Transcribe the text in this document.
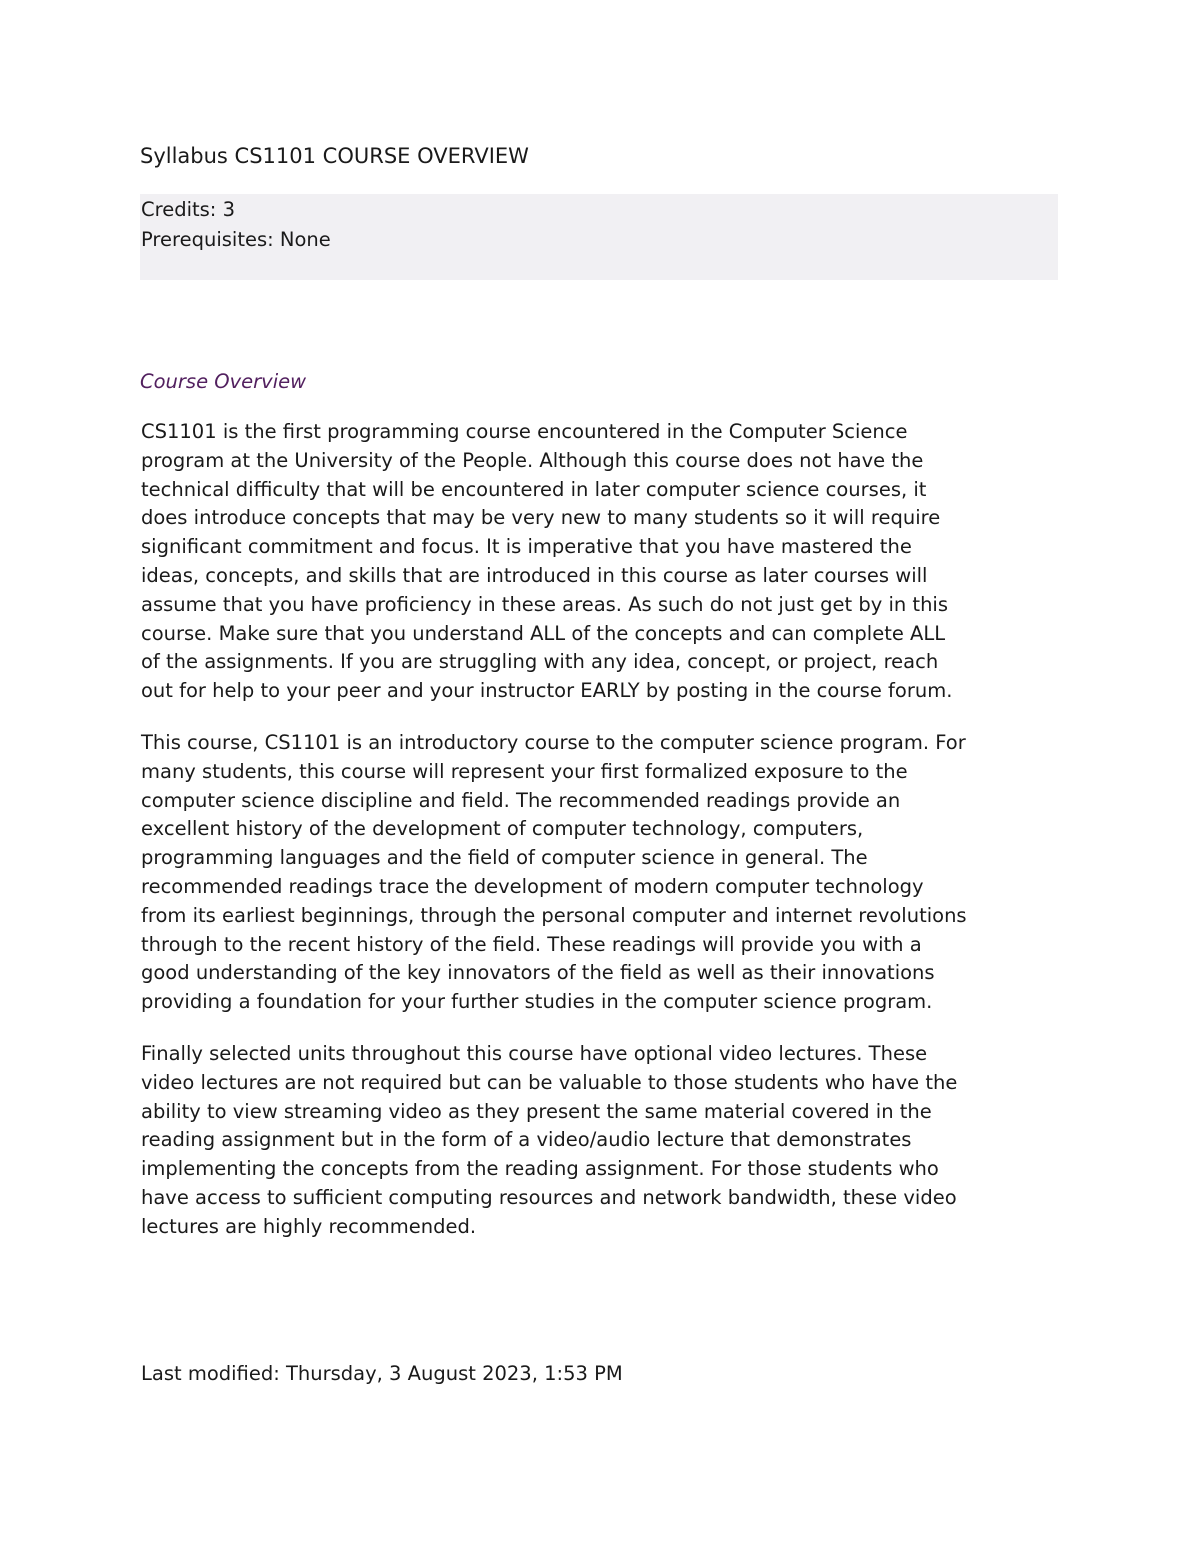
Syllabus CS1101 COURSE OVERVIEW
Credits: 3
Prerequisites: None
Course Overview

CS1101 is the first programming course encountered in the Computer Science
program at the University of the People. Although this course does not have the
technical difficulty that will be encountered in later computer science courses, it
does introduce concepts that may be very new to many students so it will require
significant commitment and focus. It is imperative that you have mastered the
ideas, concepts, and skills that are introduced in this course as later courses will
assume that you have proficiency in these areas. As such do not just get by in this
course. Make sure that you understand ALL of the concepts and can complete ALL
of the assignments. If you are struggling with any idea, concept, or project, reach
out for help to your peer and your instructor EARLY by posting in the course forum.

This course, CS1101 is an introductory course to the computer science program. For
many students, this course will represent your first formalized exposure to the
computer science discipline and field. The recommended readings provide an
excellent history of the development of computer technology, computers,
programming languages and the field of computer science in general. The
recommended readings trace the development of modern computer technology
from its earliest beginnings, through the personal computer and internet revolutions
through to the recent history of the field. These readings will provide you with a
good understanding of the key innovators of the field as well as their innovations
providing a foundation for your further studies in the computer science program.

Finally selected units throughout this course have optional video lectures. These
video lectures are not required but can be valuable to those students who have the
ability to view streaming video as they present the same material covered in the
reading assignment but in the form of a video/audio lecture that demonstrates
implementing the concepts from the reading assignment. For those students who
have access to sufficient computing resources and network bandwidth, these video
lectures are highly recommended.

Last modified: Thursday, 3 August 2023, 1:53 PM
